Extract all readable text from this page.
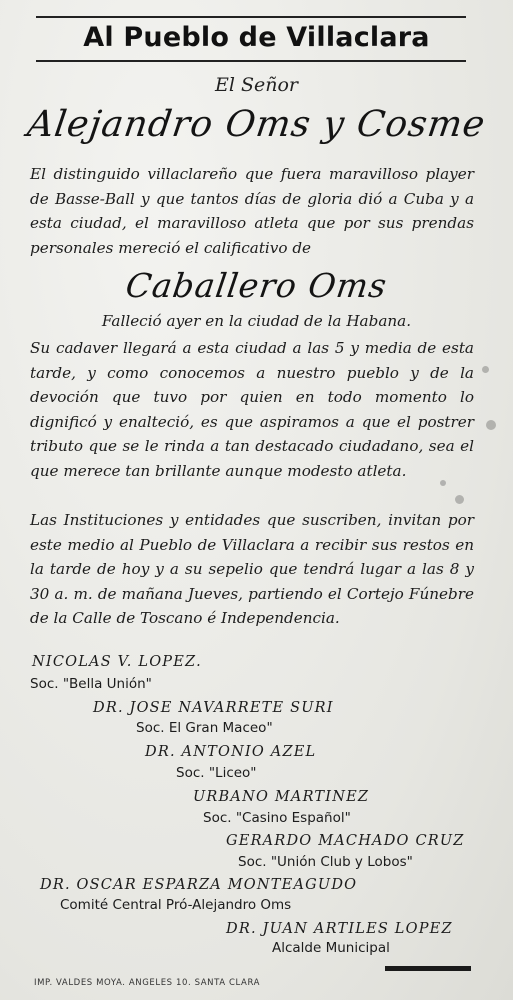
Al Pueblo de Villaclara
El Señor
Alejandro Oms y Cosme
El distinguido villaclareño que fuera maravilloso player de Basse-Ball y que tantos días de gloria dió a Cuba y a esta ciudad, el maravilloso atleta que por sus prendas personales mereció el calificativo de
Caballero Oms
Falleció ayer en la ciudad de la Habana.
Su cadaver llegará a esta ciudad a las 5 y media de esta tarde, y como conocemos a nuestro pueblo y de la devoción que tuvo por quien en todo momento lo dignificó y enalteció, es que aspiramos a que el postrer tributo que se le rinda a tan destacado ciudadano, sea el que merece tan brillante aunque modesto atleta.
Las Instituciones y entidades que suscriben, invitan por este medio al Pueblo de Villaclara a recibir sus restos en la tarde de hoy y a su sepelio que tendrá lugar a las 8 y 30 a. m. de mañana Jueves, partiendo el Cortejo Fúnebre de la Calle de Toscano é Independencia.
NICOLAS V. LOPEZ.
Soc. "Bella Unión"
DR. JOSE NAVARRETE SURI
Soc. El Gran Maceo"
DR. ANTONIO AZEL
Soc. "Liceo"
URBANO MARTINEZ
Soc. "Casino Español"
GERARDO MACHADO CRUZ
Soc. "Unión Club y Lobos"
DR. OSCAR ESPARZA MONTEAGUDO
Comité Central Pró-Alejandro Oms
DR. JUAN ARTILES LOPEZ
Alcalde Municipal
IMP. VALDES MOYA. ANGELES 10. SANTA CLARA
